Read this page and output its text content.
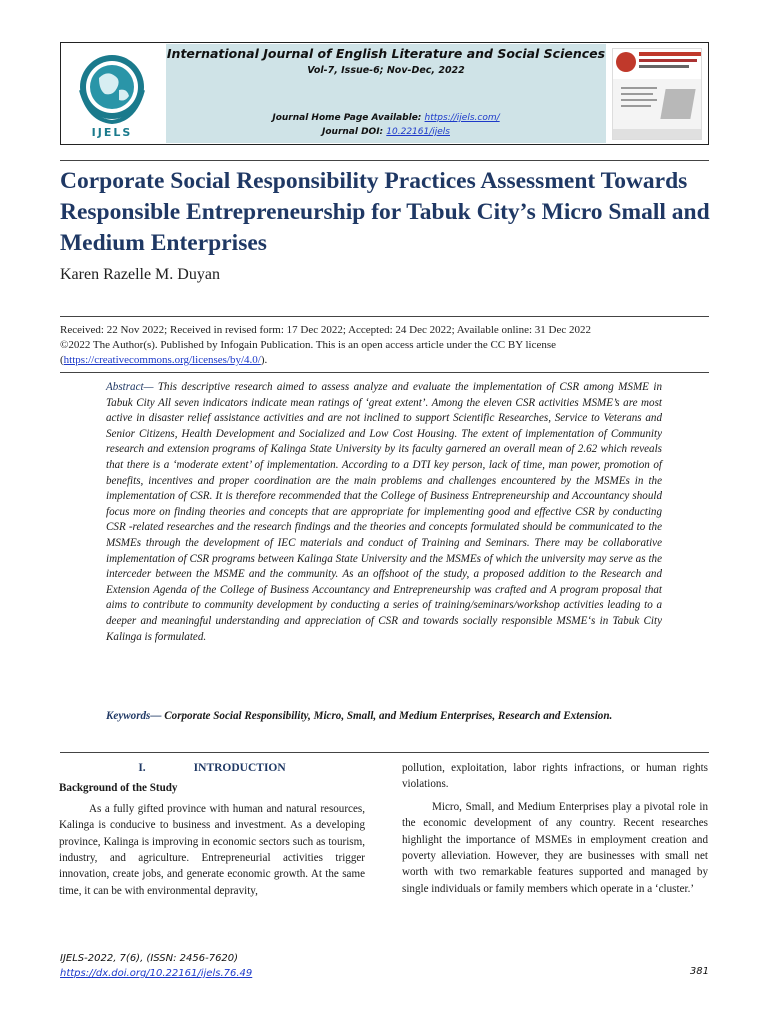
IJELS
International Journal of English Literature and Social Sciences
Vol-7, Issue-6; Nov-Dec, 2022
Journal Home Page Available: https://ijels.com/
Journal DOI: 10.22161/ijels
Corporate Social Responsibility Practices Assessment Towards Responsible Entrepreneurship for Tabuk City’s Micro Small and Medium Enterprises
Karen Razelle M. Duyan
Received: 22 Nov 2022; Received in revised form: 17 Dec 2022; Accepted: 24 Dec 2022; Available online: 31 Dec 2022
©2022 The Author(s). Published by Infogain Publication. This is an open access article under the CC BY license
(https://creativecommons.org/licenses/by/4.0/).
Abstract— This descriptive research aimed to assess analyze and evaluate the implementation of CSR among MSME in Tabuk City All seven indicators indicate mean ratings of ‘great extent’. Among the eleven CSR activities MSME’s are most active in disaster relief assistance activities and are not inclined to support Scientific Researches, Service to Veterans and Senior Citizens, Health Development and Socialized and Low Cost Housing. The extent of implementation of Community research and extension programs of Kalinga State University by its faculty garnered an overall mean of 2.62 which reveals that there is a ‘moderate extent’ of implementation. According to a DTI key person, lack of time, man power, promotion of benefits, incentives and proper coordination are the main problems and challenges encountered by the MSMEs in the implementation of CSR. It is therefore recommended that the College of Business Entrepreneurship and Accountancy should focus more on finding theories and concepts that are appropriate for implementing good and effective CSR by conducting CSR -related researches and the research findings and the theories and concepts formulated should be communicated to the MSMEs through the development of IEC materials and conduct of Training and Seminars. There may be collaborative implementation of CSR programs between Kalinga State University and the MSMEs of which the university may serve as the interceder between the MSME and the community. As an offshoot of the study, a proposed addition to the Research and Extension Agenda of the College of Business Accountancy and Entrepreneurship was crafted and A program proposal that aims to contribute to community development by conducting a series of training/seminars/workshop activities leading to a deeper and meaningful understanding and appreciation of CSR and towards socially responsible MSME‘s in Tabuk City Kalinga is formulated.
Keywords— Corporate Social Responsibility, Micro, Small, and Medium Enterprises, Research and Extension.
I.	INTRODUCTION
Background of the Study
As a fully gifted province with human and natural resources, Kalinga is conducive to business and investment. As a developing province, Kalinga is improving in economic sectors such as tourism, industry, and agriculture. Entrepreneurial activities trigger innovation, create jobs, and generate economic growth. At the same time, it can be with environmental depravity,
pollution, exploitation, labor rights infractions, or human rights violations.
Micro, Small, and Medium Enterprises play a pivotal role in the economic development of any country. Recent researches highlight the importance of MSMEs in employment creation and poverty alleviation. However, they are businesses with small net worth with two remarkable features supported and managed by single individuals or family members which operate in a ‘cluster.’
IJELS-2022, 7(6), (ISSN: 2456-7620)
https://dx.doi.org/10.22161/ijels.76.49	381
